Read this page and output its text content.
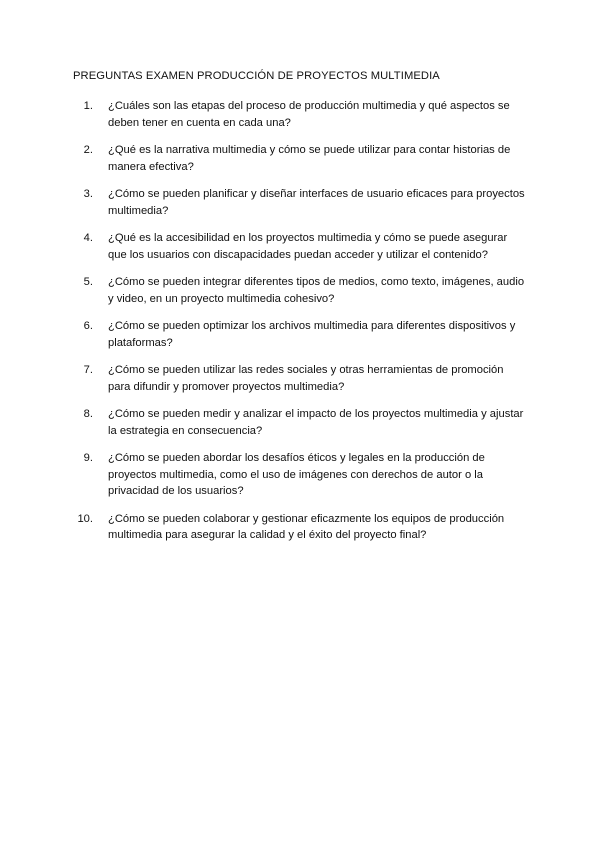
PREGUNTAS EXAMEN PRODUCCIÓN DE PROYECTOS MULTIMEDIA
1. ¿Cuáles son las etapas del proceso de producción multimedia y qué aspectos se deben tener en cuenta en cada una?
2. ¿Qué es la narrativa multimedia y cómo se puede utilizar para contar historias de manera efectiva?
3. ¿Cómo se pueden planificar y diseñar interfaces de usuario eficaces para proyectos multimedia?
4. ¿Qué es la accesibilidad en los proyectos multimedia y cómo se puede asegurar que los usuarios con discapacidades puedan acceder y utilizar el contenido?
5. ¿Cómo se pueden integrar diferentes tipos de medios, como texto, imágenes, audio y video, en un proyecto multimedia cohesivo?
6. ¿Cómo se pueden optimizar los archivos multimedia para diferentes dispositivos y plataformas?
7. ¿Cómo se pueden utilizar las redes sociales y otras herramientas de promoción para difundir y promover proyectos multimedia?
8. ¿Cómo se pueden medir y analizar el impacto de los proyectos multimedia y ajustar la estrategia en consecuencia?
9. ¿Cómo se pueden abordar los desafíos éticos y legales en la producción de proyectos multimedia, como el uso de imágenes con derechos de autor o la privacidad de los usuarios?
10. ¿Cómo se pueden colaborar y gestionar eficazmente los equipos de producción multimedia para asegurar la calidad y el éxito del proyecto final?
